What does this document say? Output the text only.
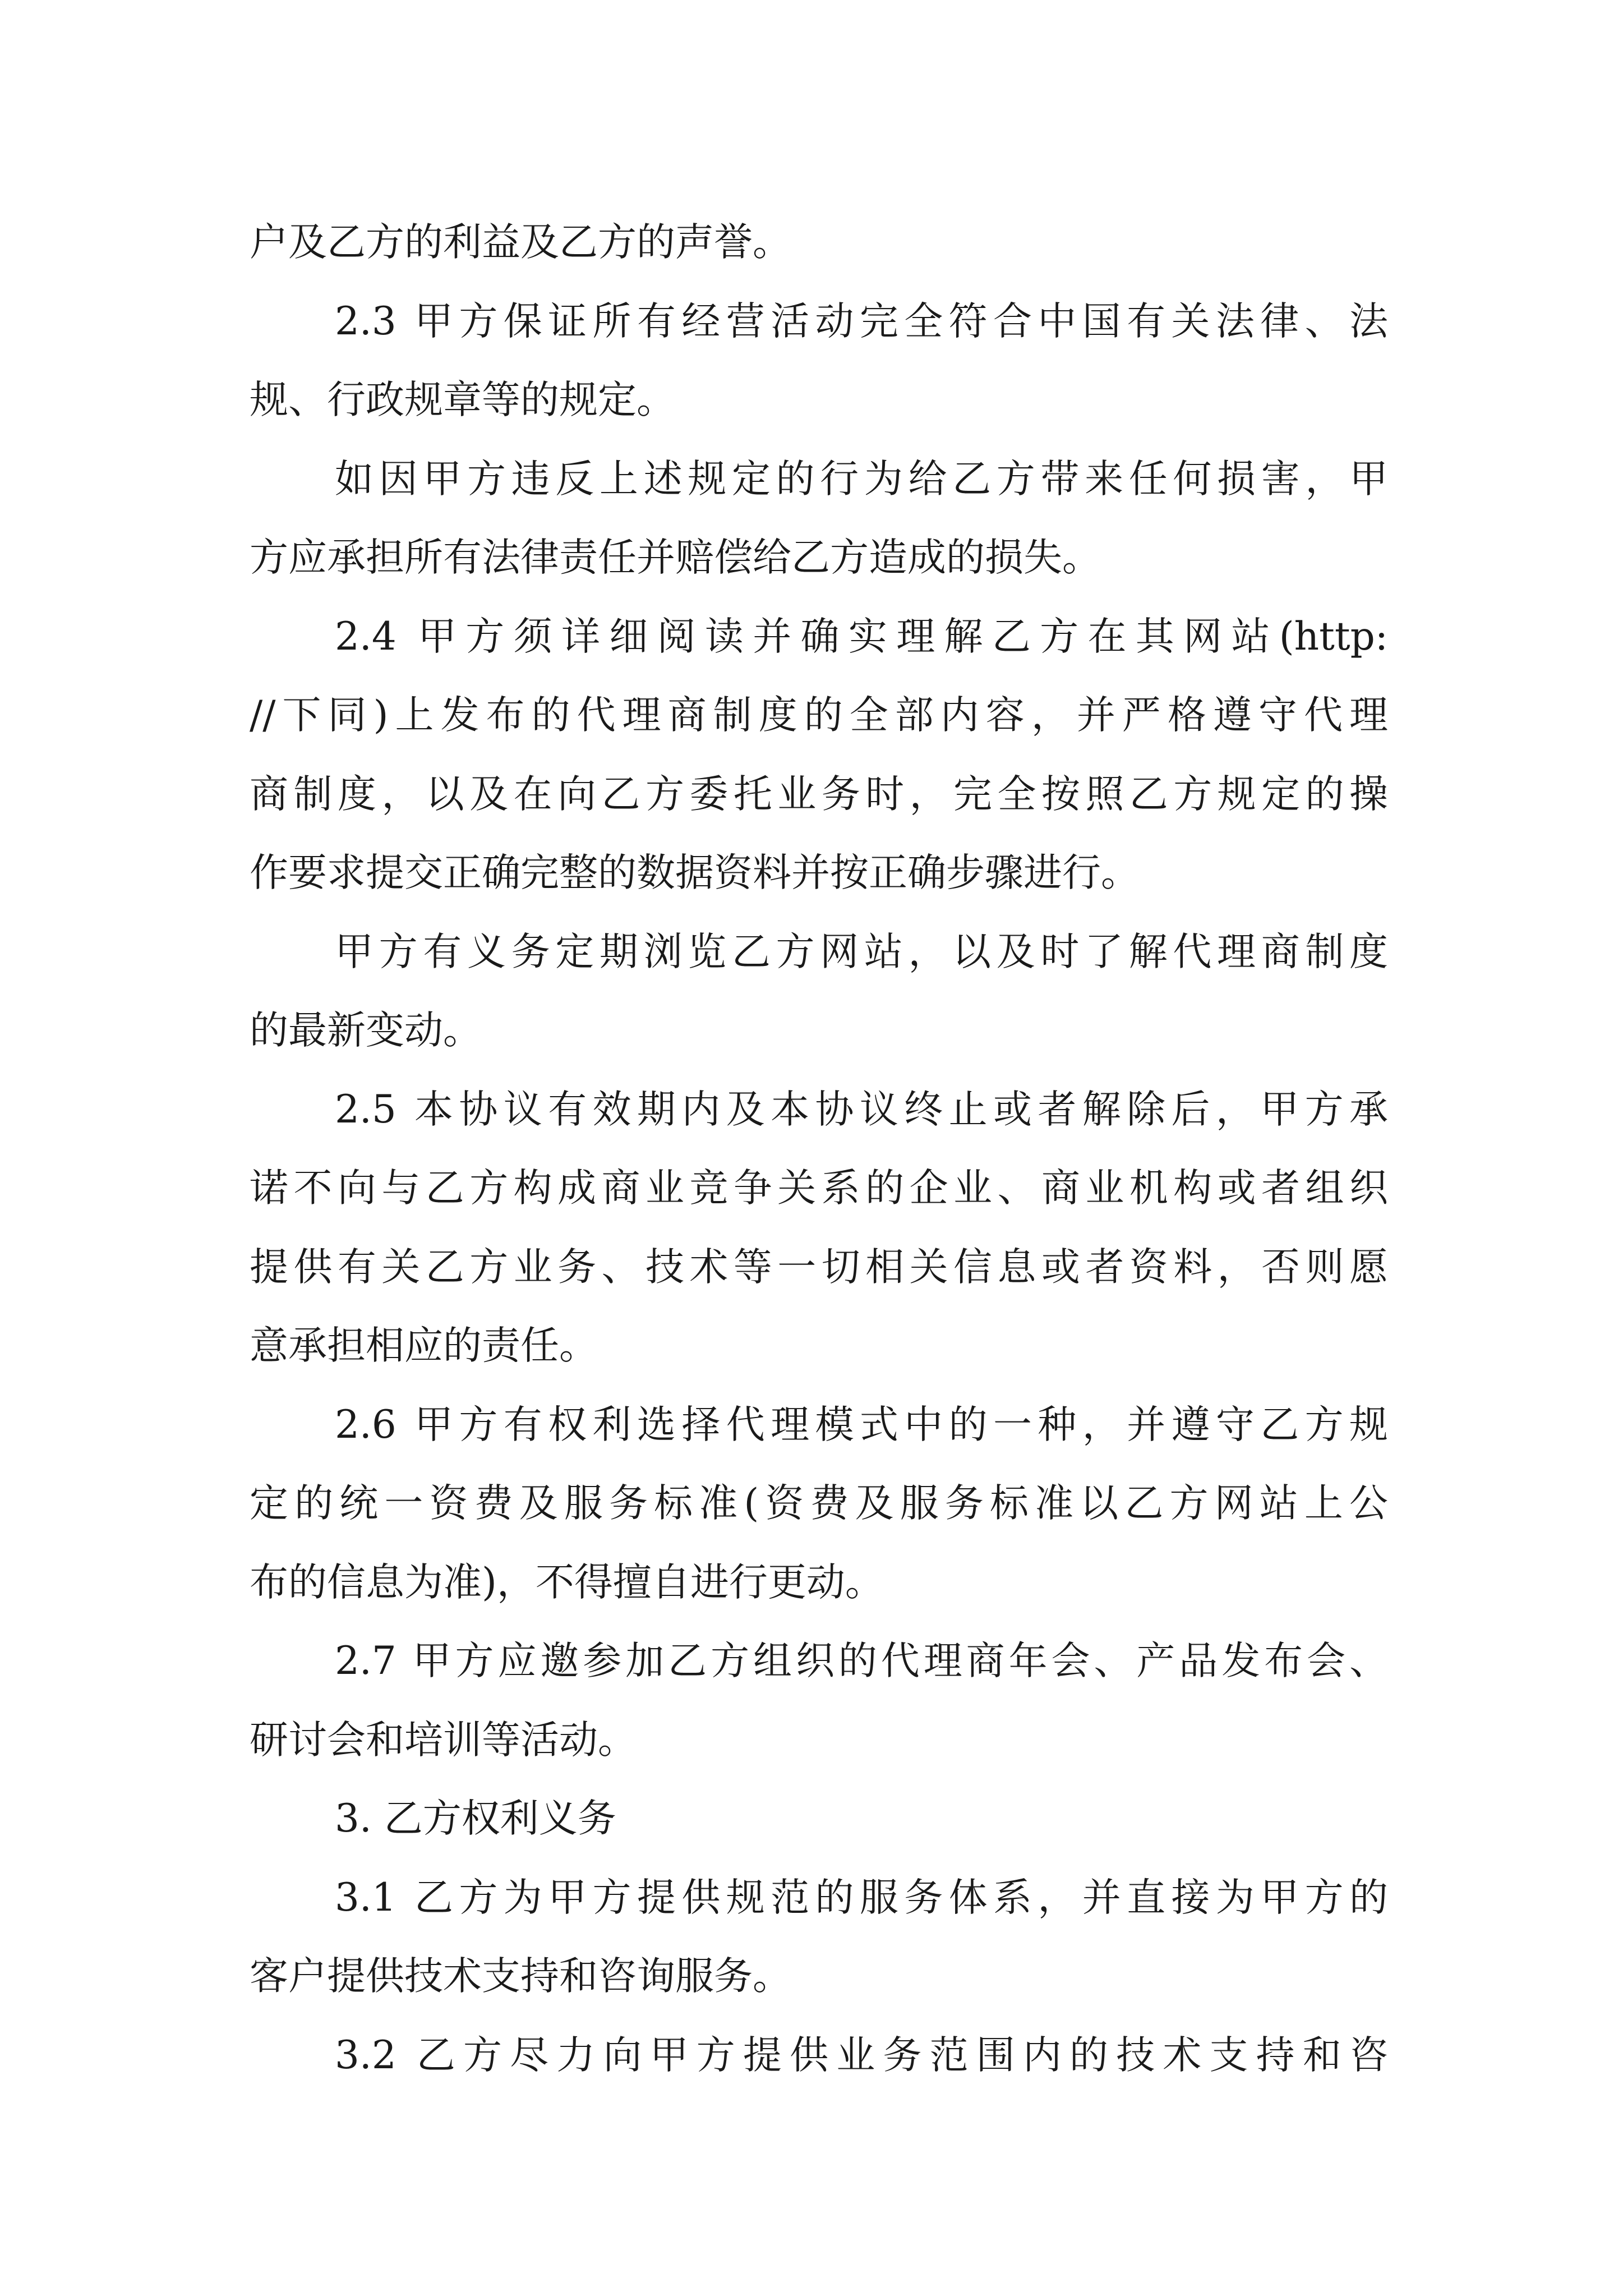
户及乙方的利益及乙方的声誉。
2.3 甲方保证所有经营活动完全符合中国有关法律、法
规、行政规章等的规定。
如因甲方违反上述规定的行为给乙方带来任何损害，甲
方应承担所有法律责任并赔偿给乙方造成的损失。
2.4 甲方须详细阅读并确实理解乙方在其网站(http:
//下同)上发布的代理商制度的全部内容，并严格遵守代理
商制度，以及在向乙方委托业务时，完全按照乙方规定的操
作要求提交正确完整的数据资料并按正确步骤进行。
甲方有义务定期浏览乙方网站，以及时了解代理商制度
的最新变动。
2.5 本协议有效期内及本协议终止或者解除后，甲方承
诺不向与乙方构成商业竞争关系的企业、商业机构或者组织
提供有关乙方业务、技术等一切相关信息或者资料，否则愿
意承担相应的责任。
2.6 甲方有权利选择代理模式中的一种，并遵守乙方规
定的统一资费及服务标准(资费及服务标准以乙方网站上公
布的信息为准)，不得擅自进行更动。
2.7 甲方应邀参加乙方组织的代理商年会、产品发布会、
研讨会和培训等活动。
3. 乙方权利义务
3.1 乙方为甲方提供规范的服务体系，并直接为甲方的
客户提供技术支持和咨询服务。
3.2 乙方尽力向甲方提供业务范围内的技术支持和咨
